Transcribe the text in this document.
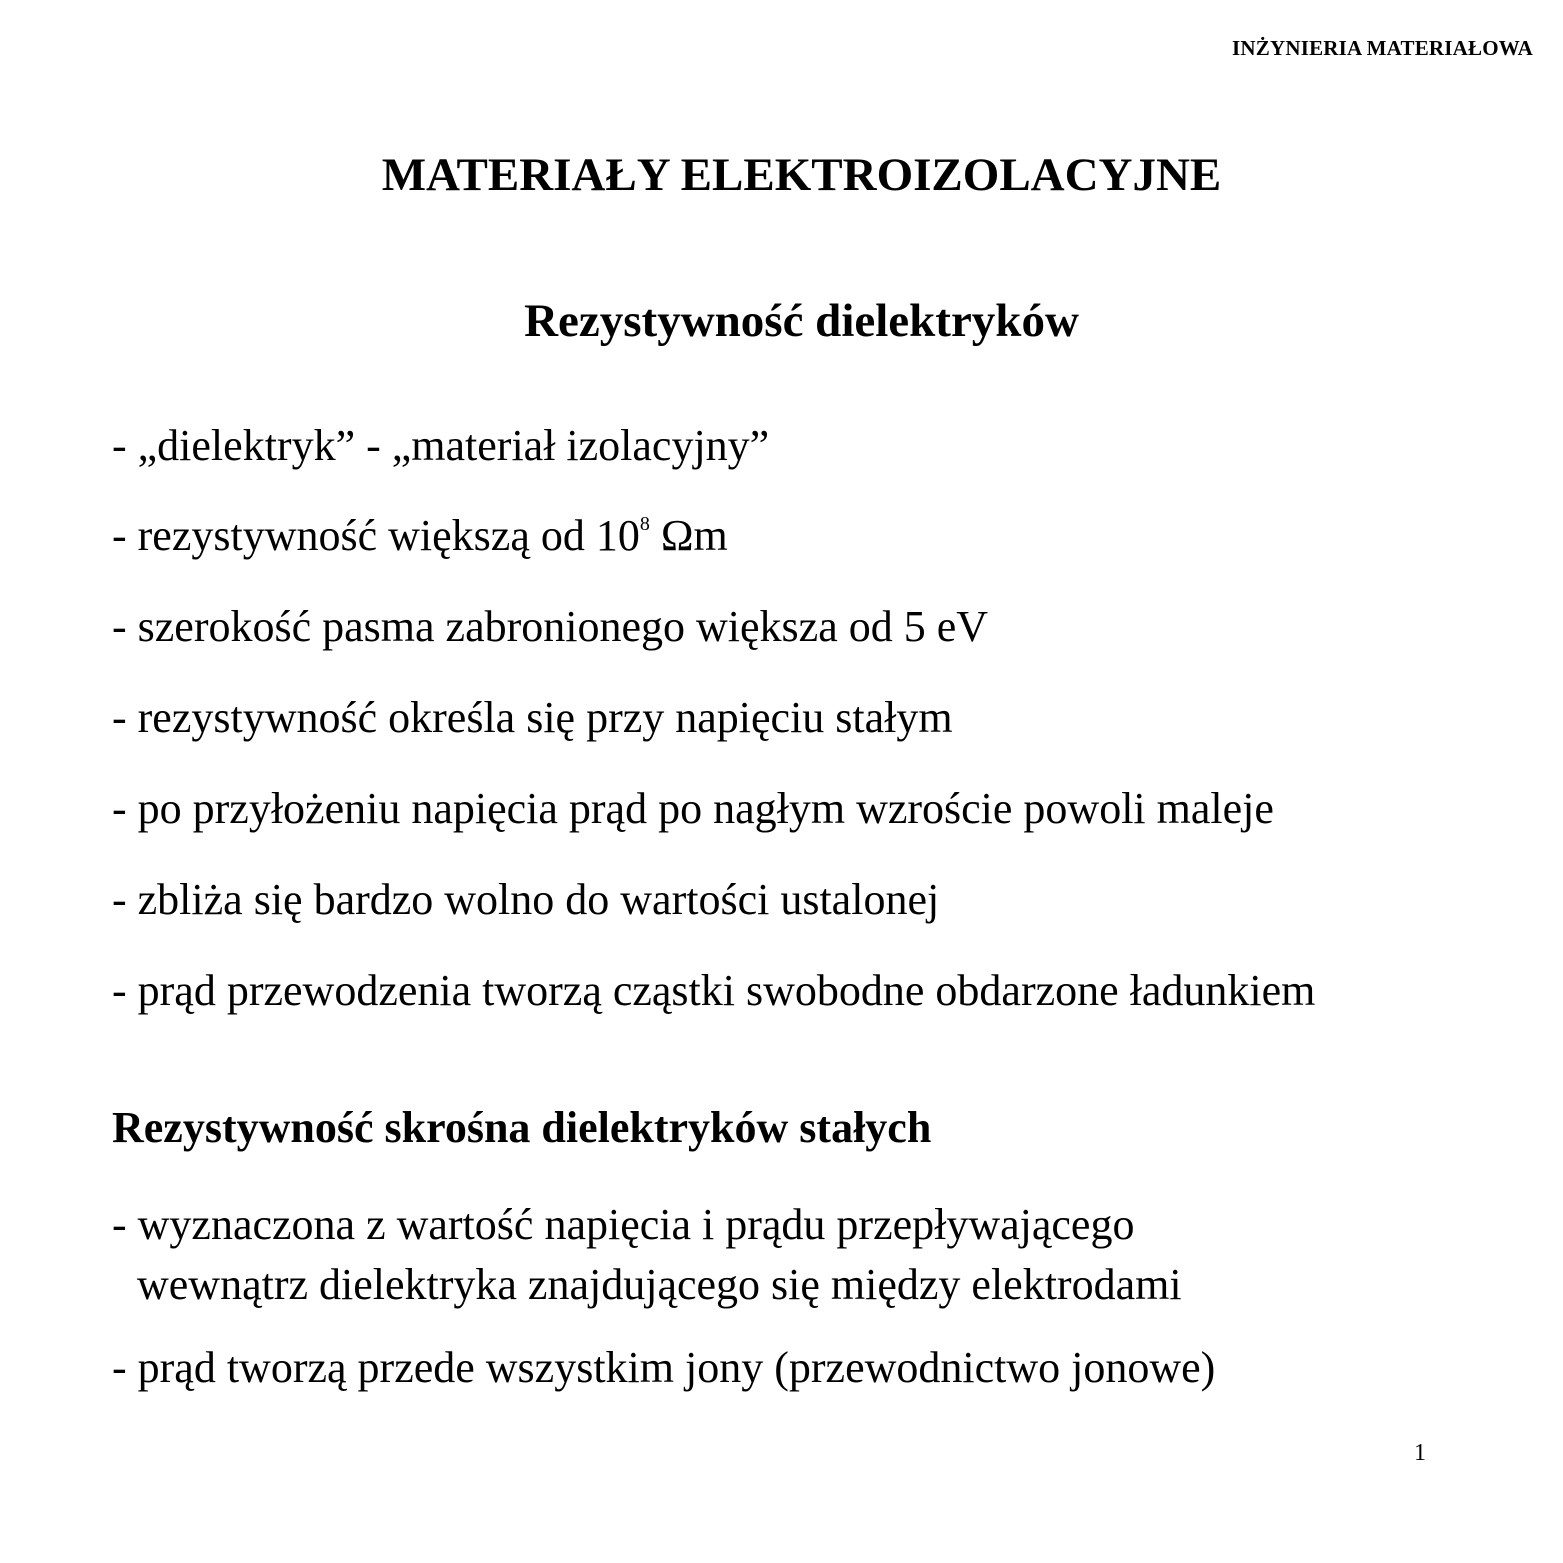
INŻYNIERIA MATERIAŁOWA
MATERIAŁY ELEKTROIZOLACYJNE
Rezystywność dielektryków
- „dielektryk” - „materiał izolacyjny”
- rezystywność większą od $10^8$ Ωm
- szerokość pasma zabronionego większa od 5 eV
- rezystywność określa się przy napięciu stałym
- po przyłożeniu napięcia prąd po nagłym wzroście powoli maleje
- zbliża się bardzo wolno do wartości ustalonej
- prąd przewodzenia tworzą cząstki swobodne obdarzone ładunkiem
Rezystywność skrośna dielektryków stałych
- wyznaczona z wartość napięcia i prądu przepływającego
wewnątrz dielektryka znajdującego się między elektrodami
- prąd tworzą przede wszystkim jony (przewodnictwo jonowe)
1
